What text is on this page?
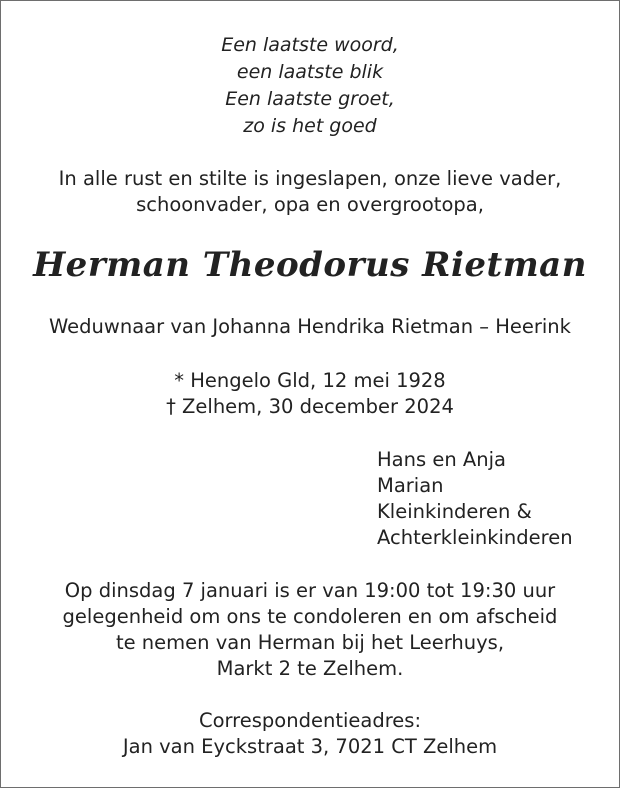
Een laatste woord,
een laatste blik
Een laatste groet,
zo is het goed
In alle rust en stilte is ingeslapen, onze lieve vader,
schoonvader, opa en overgrootopa,
Herman Theodorus Rietman
Weduwnaar van Johanna Hendrika Rietman – Heerink
* Hengelo Gld, 12 mei 1928
† Zelhem, 30 december 2024
Hans en Anja
Marian
Kleinkinderen &
Achterkleinkinderen
Op dinsdag 7 januari is er van 19:00 tot 19:30 uur
gelegenheid om ons te condoleren en om afscheid
te nemen van Herman bij het Leerhuys,
Markt 2 te Zelhem.
Correspondentieadres:
Jan van Eyckstraat 3, 7021 CT Zelhem
